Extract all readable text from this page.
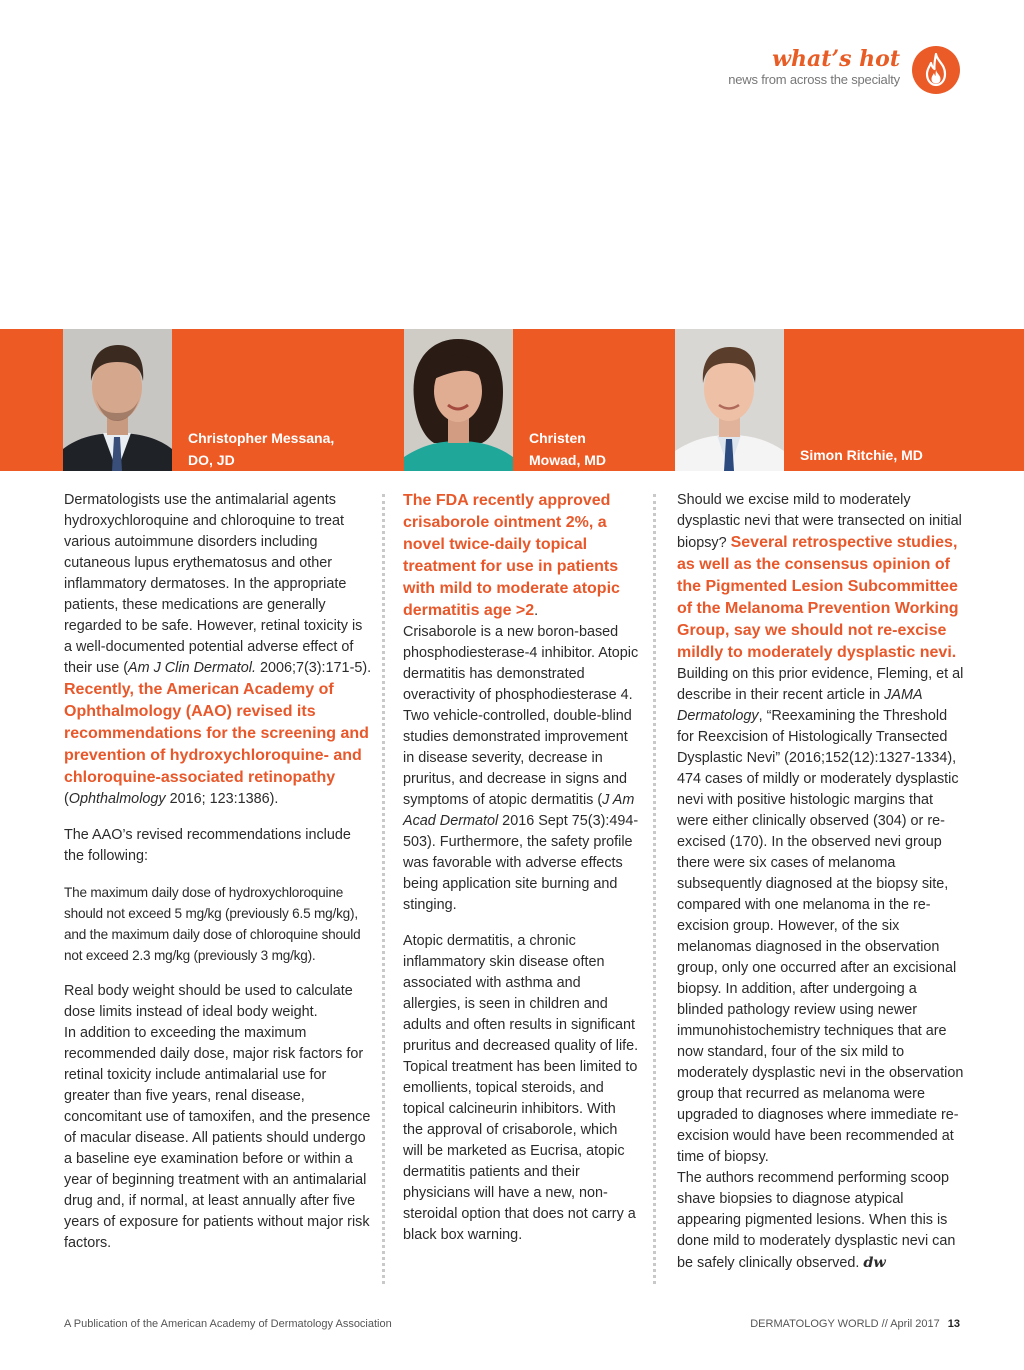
what’s hot
news from across the specialty
Christopher Messana,
DO, JD
Christen
Mowad, MD	Simon Ritchie, MD

Dermatologists use the antimalarial agents hydroxychloroquine and chloroquine to treat various autoimmune disorders including cutaneous lupus erythematosus and other inflammatory dermatoses. In the appropriate patients, these medications are generally regarded to be safe. However, retinal toxicity is a well-documented potential adverse effect of their use (Am J Clin Dermatol. 2006;7(3):171-5). Recently, the American Academy of Ophthalmology (AAO) revised its recommendations for the screening and prevention of hydroxychloroquine- and chloroquine-associated retinopathy (Ophthalmology 2016; 123:1386).

The AAO’s revised recommendations include the following:

The maximum daily dose of hydroxychloroquine should not exceed 5 mg/kg (previously 6.5 mg/kg), and the maximum daily dose of chloroquine should not exceed 2.3 mg/kg (previously 3 mg/kg).

Real body weight should be used to calculate dose limits instead of ideal body weight.

In addition to exceeding the maximum recommended daily dose, major risk factors for retinal toxicity include antimalarial use for greater than five years, renal disease, concomitant use of tamoxifen, and the presence of macular disease. All patients should undergo a baseline eye examination before or within a year of beginning treatment with an antimalarial drug and, if normal, at least annually after five years of exposure for patients without major risk factors.

The FDA recently approved crisaborole ointment 2%, a novel twice-daily topical treatment for use in patients with mild to moderate atopic dermatitis age >2.

Crisaborole is a new boron-based phosphodiesterase-4 inhibitor. Atopic dermatitis has demonstrated overactivity of phosphodiesterase 4. Two vehicle-controlled, double-blind studies demonstrated improvement in disease severity, decrease in pruritus, and decrease in signs and symptoms of atopic dermatitis (J Am Acad Dermatol 2016 Sept 75(3):494-503). Furthermore, the safety profile was favorable with adverse effects being application site burning and stinging.

Atopic dermatitis, a chronic inflammatory skin disease often associated with asthma and allergies, is seen in children and adults and often results in significant pruritus and decreased quality of life. Topical treatment has been limited to emollients, topical steroids, and topical calcineurin inhibitors. With the approval of crisaborole, which will be marketed as Eucrisa, atopic dermatitis patients and their physicians will have a new, non-steroidal option that does not carry a black box warning.

Should we excise mild to moderately dysplastic nevi that were transected on initial biopsy? Several retrospective studies, as well as the consensus opinion of the Pigmented Lesion Subcommittee of the Melanoma Prevention Working Group, say we should not re-excise mildly to moderately dysplastic nevi. Building on this prior evidence, Fleming, et al describe in their recent article in JAMA Dermatology, “Reexamining the Threshold for Reexcision of Histologically Transected Dysplastic Nevi” (2016;152(12):1327-1334), 474 cases of mildly or moderately dysplastic nevi with positive histologic margins that were either clinically observed (304) or re-excised (170). In the observed nevi group there were six cases of melanoma subsequently diagnosed at the biopsy site, compared with one melanoma in the re-excision group. However, of the six melanomas diagnosed in the observation group, only one occurred after an excisional biopsy. In addition, after undergoing a blinded pathology review using newer immunohistochemistry techniques that are now standard, four of the six mild to moderately dysplastic nevi in the observation group that recurred as melanoma were upgraded to diagnoses where immediate re-excision would have been recommended at time of biopsy.

The authors recommend performing scoop shave biopsies to diagnose atypical appearing pigmented lesions. When this is done mild to moderately dysplastic nevi can be safely clinically observed. dw

A Publication of the American Academy of Dermatology Association	DERMATOLOGY WORLD // April 2017 13
